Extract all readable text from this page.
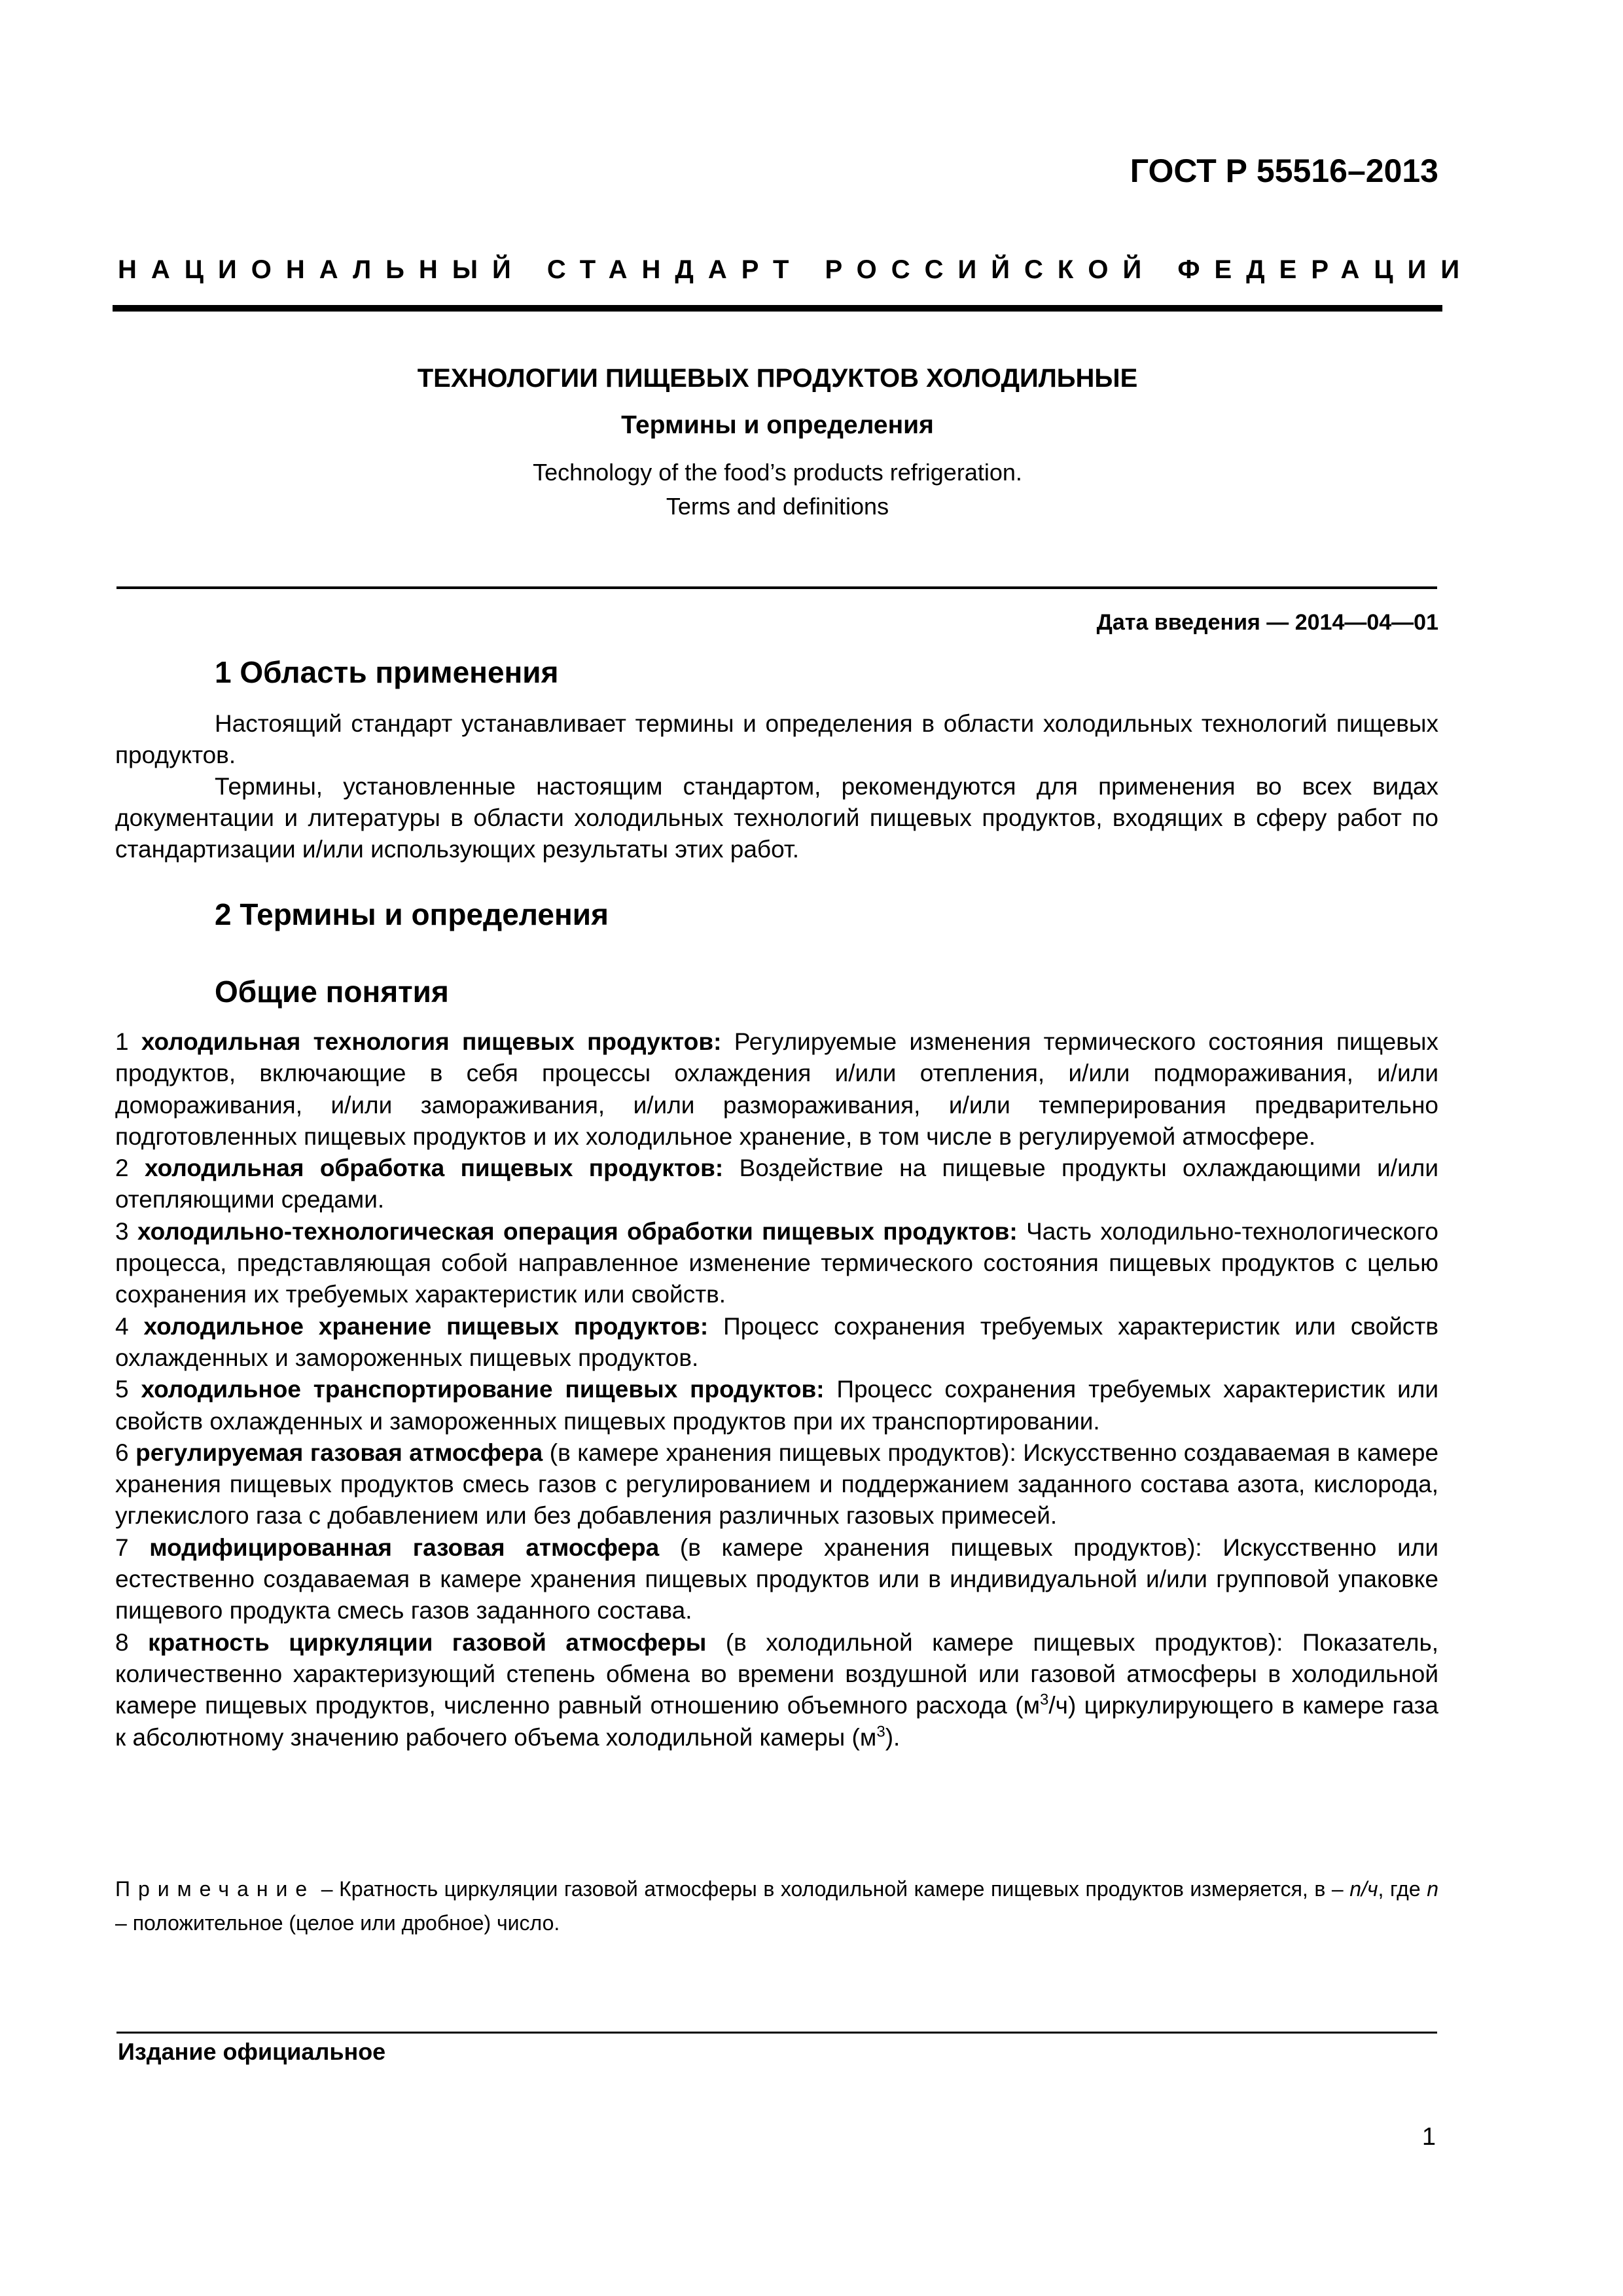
ГОСТ Р 55516–2013
НАЦИОНАЛЬНЫЙ СТАНДАРТ РОССИЙСКОЙ ФЕДЕРАЦИИ
ТЕХНОЛОГИИ ПИЩЕВЫХ ПРОДУКТОВ ХОЛОДИЛЬНЫЕ
Термины и определения
Technology of the food’s products refrigeration.
Terms and definitions
Дата введения — 2014—04—01
1 Область применения
Настоящий стандарт устанавливает термины и определения в области холодильных технологий пищевых продуктов.
Термины, установленные настоящим стандартом, рекомендуются для применения во всех видах документации и литературы в области холодильных технологий пищевых продуктов, входящих в сферу работ по стандартизации и/или использующих результаты этих работ.
2 Термины и определения
Общие понятия

1 холодильная технология пищевых продуктов: Регулируемые изменения термического состояния пищевых продуктов, включающие в себя процессы охлаждения и/или отепления, и/или подмораживания, и/или домораживания, и/или замораживания, и/или размораживания, и/или темперирования предварительно подготовленных пищевых продуктов и их холодильное хранение, в том числе в регулируемой атмосфере.

2 холодильная обработка пищевых продуктов: Воздействие на пищевые продукты охлаждающими и/или отепляющими средами.

3 холодильно-технологическая операция обработки пищевых продуктов: Часть холодильно-технологического процесса, представляющая собой направленное изменение термического состояния пищевых продуктов с целью сохранения их требуемых характеристик или свойств.

4 холодильное хранение пищевых продуктов: Процесс сохранения требуемых характеристик или свойств охлажденных и замороженных пищевых продуктов.

5 холодильное транспортирование пищевых продуктов: Процесс сохранения требуемых характеристик или свойств охлажденных и замороженных пищевых продуктов при их транспортировании.

6 регулируемая газовая атмосфера (в камере хранения пищевых продуктов): Искусственно создаваемая в камере хранения пищевых продуктов смесь газов с регулированием и поддержанием заданного состава азота, кислорода, углекислого газа с добавлением или без добавления различных газовых примесей.

7 модифицированная газовая атмосфера (в камере хранения пищевых продуктов): Искусственно или естественно создаваемая в камере хранения пищевых продуктов или в индивидуальной и/или групповой упаковке пищевого продукта смесь газов заданного состава.

8 кратность циркуляции газовой атмосферы (в холодильной камере пищевых продуктов): Показатель, количественно характеризующий степень обмена во времени воздушной или газовой атмосферы в холодильной камере пищевых продуктов, численно равный отношению объемного расхода $(м^3/ч)$ циркулирующего в камере газа к абсолютному значению рабочего объема холодильной камеры $(м^3)$.

Примечание – Кратность циркуляции газовой атмосферы в холодильной камере пищевых продуктов измеряется, в – n/ч, где n – положительное (целое или дробное) число.
Издание официальное
1
